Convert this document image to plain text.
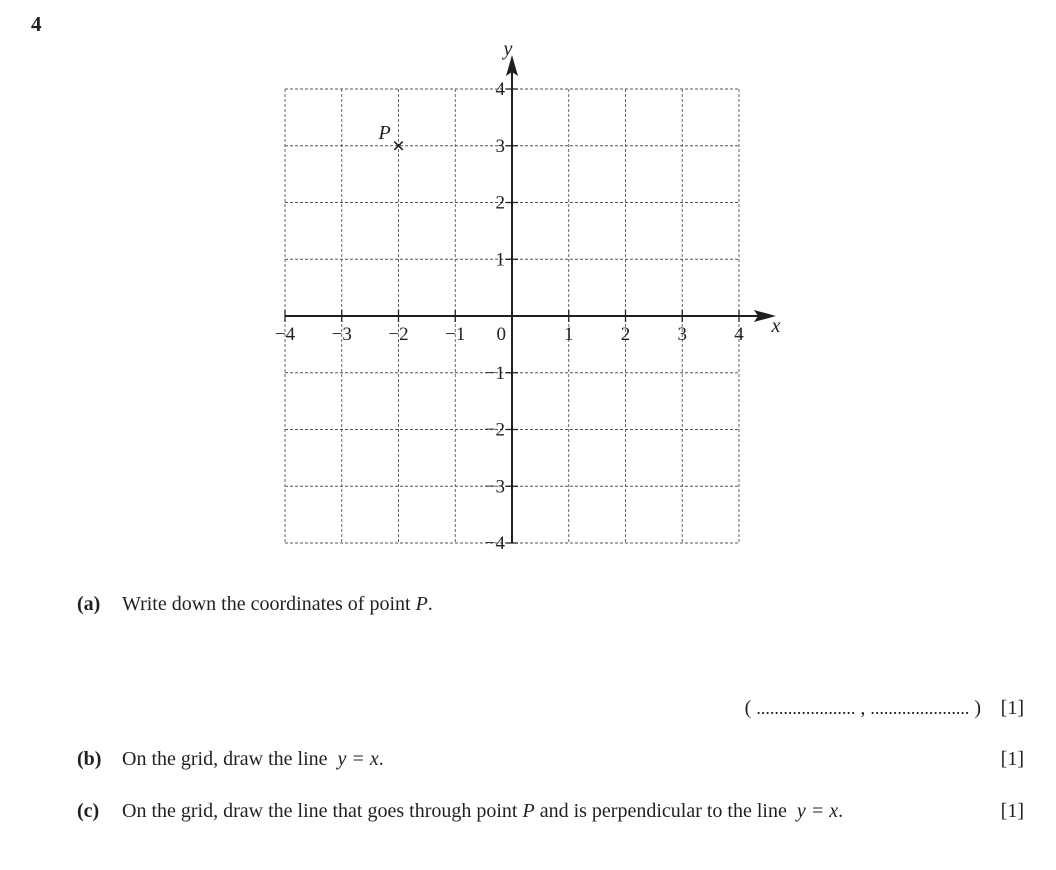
4
−4 −3 −2 −1	1 2 3 4
4
3
2
1
−1
−2
−3
−4
0	x
y
P
(a) Write down the coordinates of point P.
( ...................... , ...................... ) [1]
(b) On the grid, draw the line y = x.	[1]
(c) On the grid, draw the line that goes through point P and is perpendicular to the line y = x.	[1]
